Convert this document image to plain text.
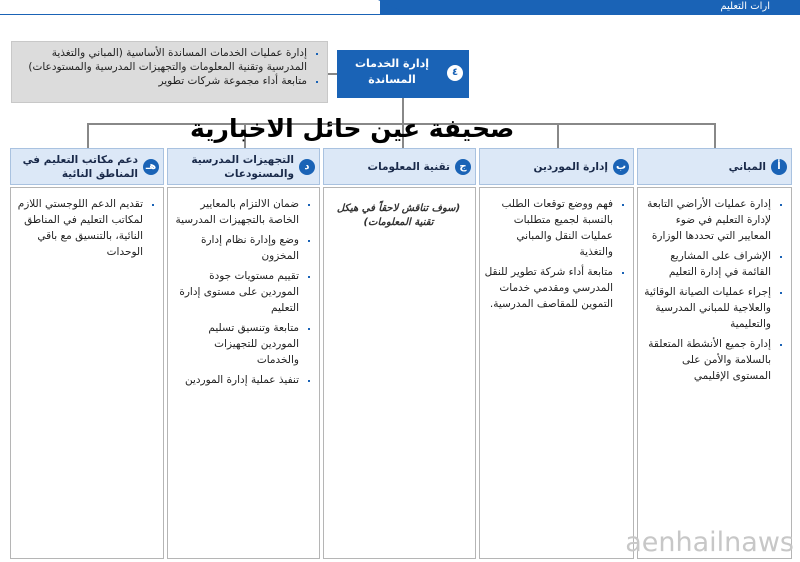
ارات التعليم
▪ إدارة عمليات الخدمات المساندة الأساسية (المباني والتغذية المدرسية وتقنية المعلومات والتجهيزات المدرسية والمستودعات)
▪ متابعة أداء مجموعة شركات تطوير
إدارة الخدمات المساندة
٤
صحيفة عين حائل الاخبارية
أ
المباني
▪ إدارة عمليات الأراضي التابعة لإدارة التعليم في ضوء المعايير التي تحددها الوزارة
▪ الإشراف على المشاريع القائمة في إدارة التعليم
▪ إجراء عمليات الصيانة الوقائية والعلاجية للمباني المدرسية والتعليمية
▪ إدارة جميع الأنشطة المتعلقة بالسلامة والأمن على المستوى الإقليمي
ب
إدارة الموردين
▪ فهم ووضع توقعات الطلب بالنسبة لجميع متطلبات عمليات النقل والمباني والتغذية
▪ متابعة أداء شركة تطوير للنقل المدرسي ومقدمي خدمات التموين للمقاصف المدرسية.
ج
تقنية المعلومات
(سوف تناقش لاحقاً في هيكل تقنية المعلومات)
د
التجهيزات المدرسية والمستودعات
▪ ضمان الالتزام بالمعايير الخاصة بالتجهيزات المدرسية
▪ وضع وإدارة نظام إدارة المخزون
▪ تقييم مستويات جودة الموردين على مستوى إدارة التعليم
▪ متابعة وتنسيق تسليم الموردين للتجهيزات والخدمات
▪ تنفيذ عملية إدارة الموردين
هـ
دعم مكاتب التعليم في المناطق النائية
▪ تقديم الدعم اللوجستي اللازم لمكاتب التعليم في المناطق النائية، بالتنسيق مع باقي الوحدات
aenhailnaws
